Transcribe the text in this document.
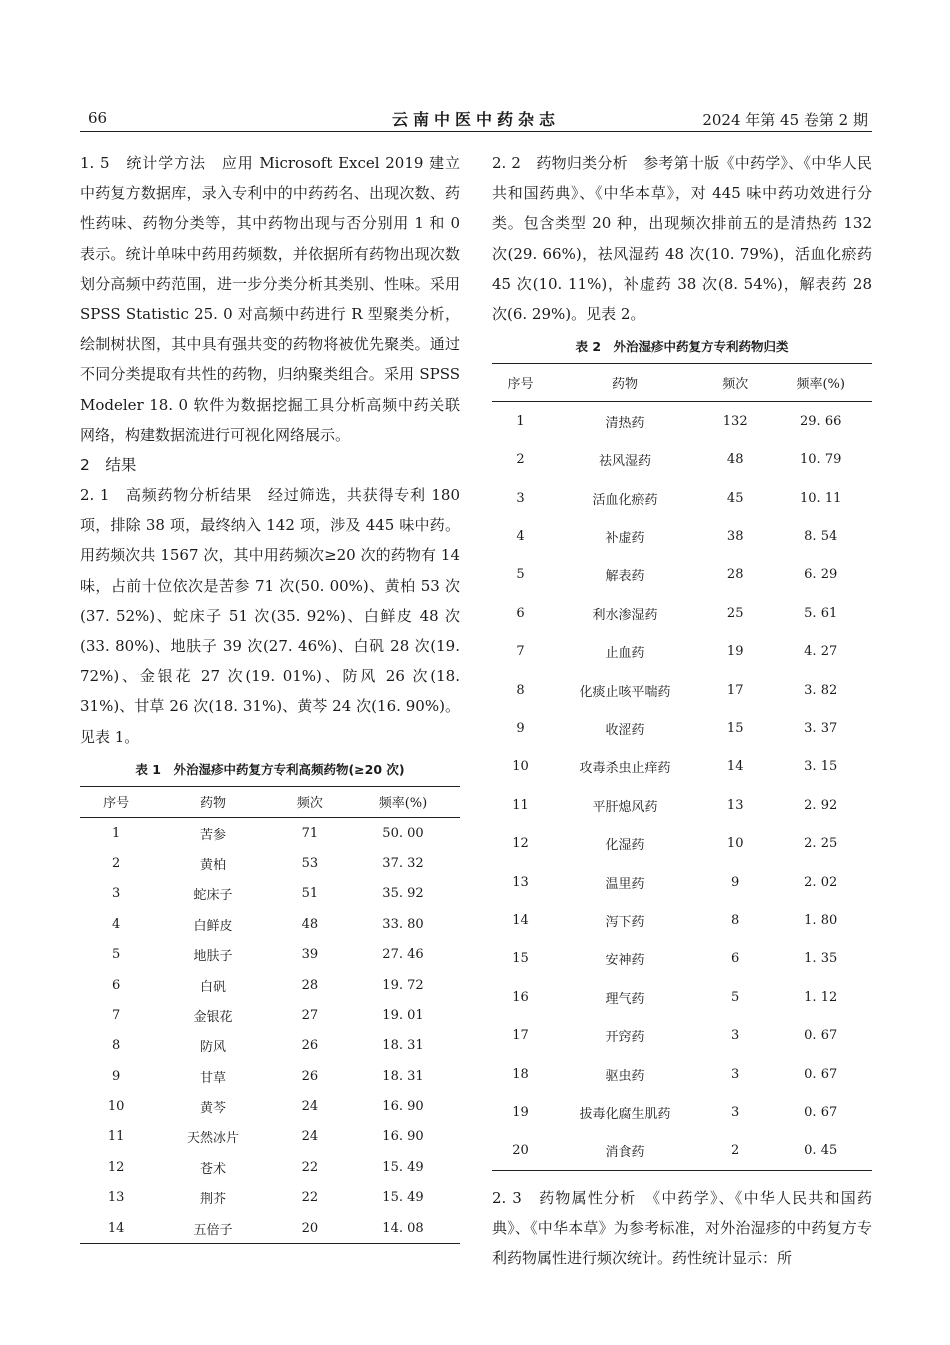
66	云南中医中药杂志	2024 年第 45 卷第 2 期

1. 5　统计学方法　应用 Microsoft Excel 2019 建立中药复方数据库，录入专利中的中药药名、出现次数、药性药味、药物分类等，其中药物出现与否分别用 1 和 0 表示。统计单味中药用药频数，并依据所有药物出现次数划分高频中药范围，进一步分类分析其类别、性味。采用 SPSS Statistic 25. 0 对高频中药进行 R 型聚类分析，绘制树状图，其中具有强共变的药物将被优先聚类。通过不同分类提取有共性的药物，归纳聚类组合。采用 SPSS Modeler 18. 0 软件为数据挖掘工具分析高频中药关联网络，构建数据流进行可视化网络展示。

2　结果

2. 1　高频药物分析结果　经过筛选，共获得专利 180 项，排除 38 项，最终纳入 142 项，涉及 445 味中药。用药频次共 1567 次，其中用药频次≥20 次的药物有 14 味，占前十位依次是苦参 71 次(50. 00%)、黄柏 53 次(37. 52%)、蛇床子 51 次(35. 92%)、白鲜皮 48 次(33. 80%)、地肤子 39 次(27. 46%)、白矾 28 次(19. 72%)、金银花 27 次(19. 01%)、防风 26 次(18. 31%)、甘草 26 次(18. 31%)、黄芩 24 次(16. 90%)。见表 1。

表 1　外治湿疹中药复方专利高频药物(≥20 次)
序号	药物	频次	频率(%)
1	苦参	71	50. 00
2	黄柏	53	37. 32
3	蛇床子	51	35. 92
4	白鲜皮	48	33. 80
5	地肤子	39	27. 46
6	白矾	28	19. 72
7	金银花	27	19. 01
8	防风	26	18. 31
9	甘草	26	18. 31
10	黄芩	24	16. 90
11	天然冰片	24	16. 90
12	苍术	22	15. 49
13	荆芥	22	15. 49
14	五倍子	20	14. 08

2. 2　药物归类分析　参考第十版《中药学》、《中华人民共和国药典》、《中华本草》，对 445 味中药功效进行分类。包含类型 20 种，出现频次排前五的是清热药 132 次(29. 66%)，祛风湿药 48 次(10. 79%)，活血化瘀药 45 次(10. 11%)，补虚药 38 次(8. 54%)，解表药 28 次(6. 29%)。见表 2。

表 2　外治湿疹中药复方专利药物归类
序号	药物	频次	频率(%)
1	清热药	132	29. 66
2	祛风湿药	48	10. 79
3	活血化瘀药	45	10. 11
4	补虚药	38	8. 54
5	解表药	28	6. 29
6	利水渗湿药	25	5. 61
7	止血药	19	4. 27
8	化痰止咳平喘药	17	3. 82
9	收涩药	15	3. 37
10	攻毒杀虫止痒药	14	3. 15
11	平肝熄风药	13	2. 92
12	化湿药	10	2. 25
13	温里药	9	2. 02
14	泻下药	8	1. 80
15	安神药	6	1. 35
16	理气药	5	1. 12
17	开窍药	3	0. 67
18	驱虫药	3	0. 67
19	拔毒化腐生肌药	3	0. 67
20	消食药	2	0. 45

2. 3　药物属性分析　《中药学》、《中华人民共和国药典》、《中华本草》为参考标准，对外治湿疹的中药复方专利药物属性进行频次统计。药性统计显示：所
